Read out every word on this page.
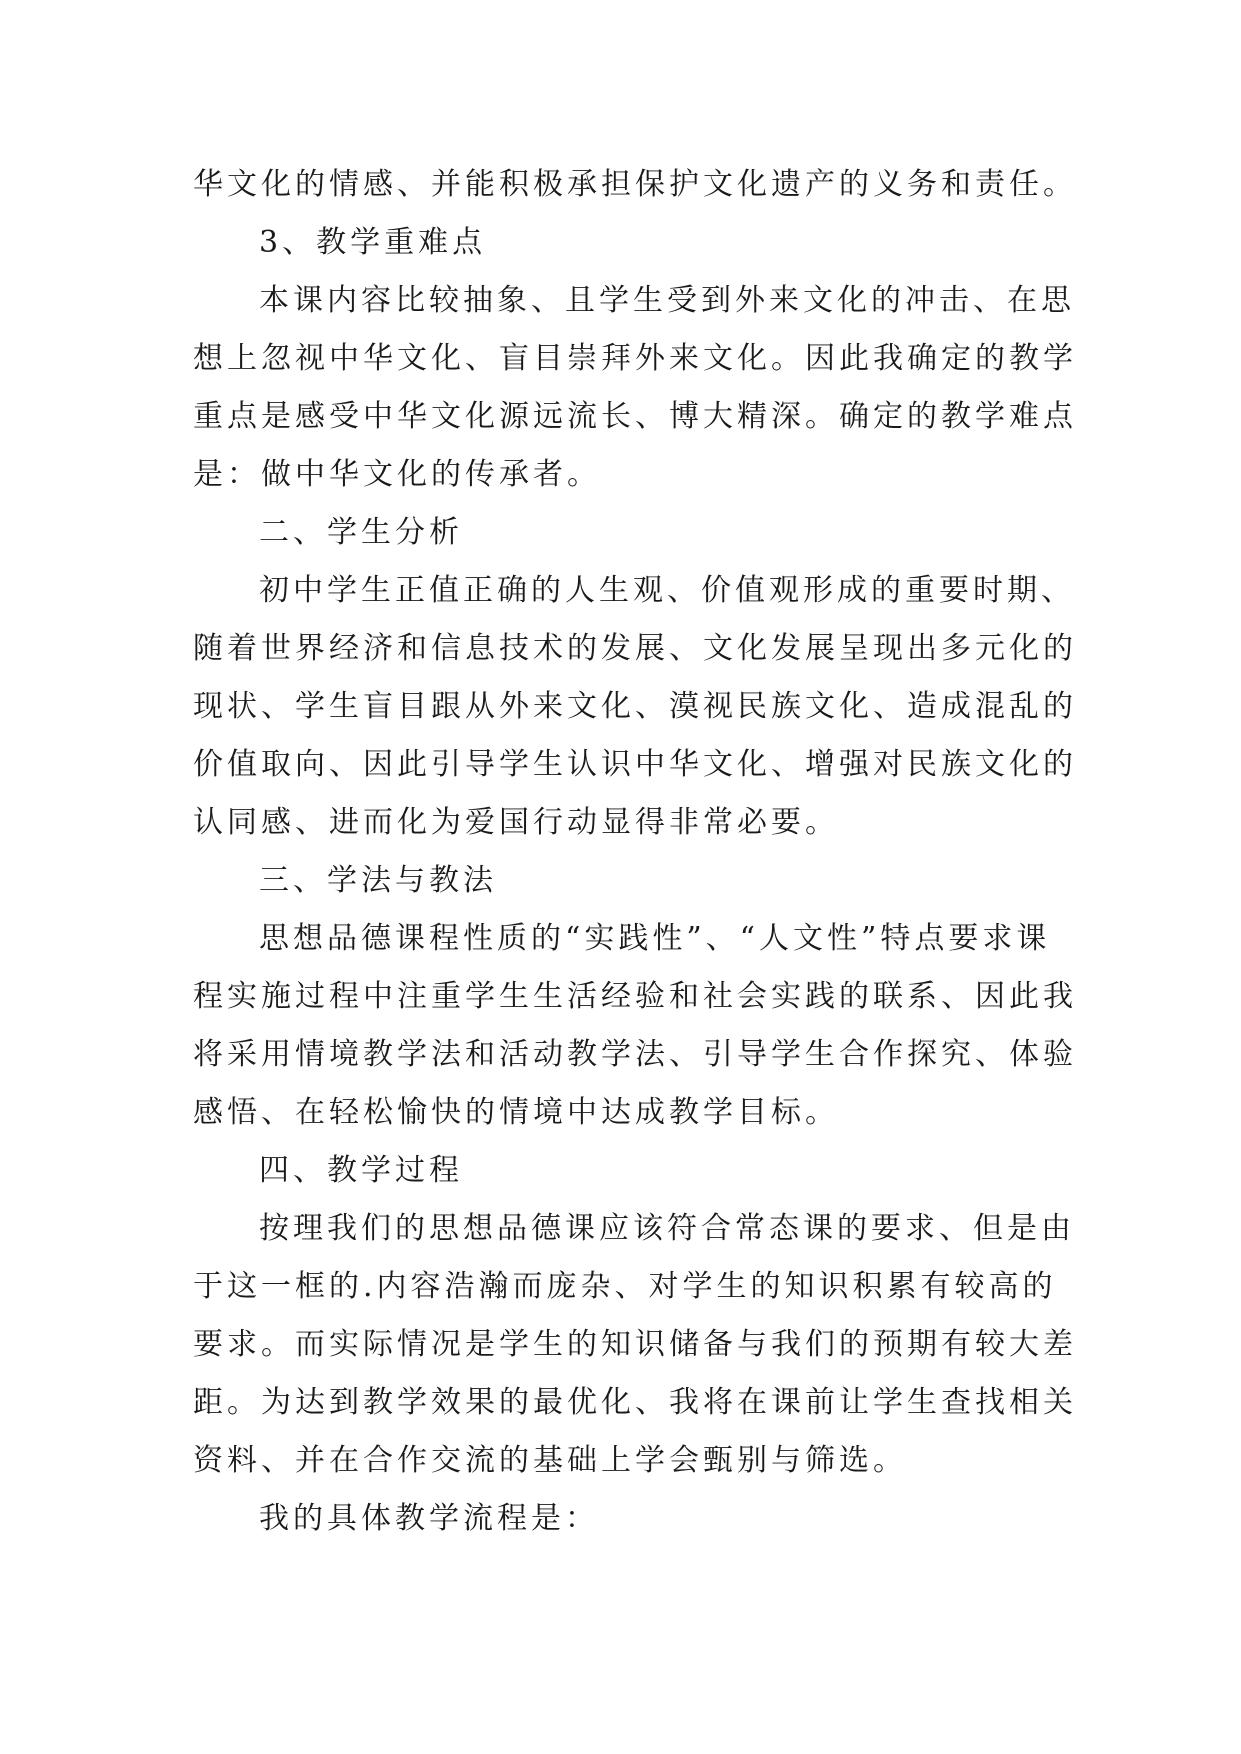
华文化的情感、并能积极承担保护文化遗产的义务和责任。
3、教学重难点
本课内容比较抽象、且学生受到外来文化的冲击、在思
想上忽视中华文化、盲目崇拜外来文化。因此我确定的教学
重点是感受中华文化源远流长、博大精深。确定的教学难点
是：做中华文化的传承者。
二、学生分析
初中学生正值正确的人生观、价值观形成的重要时期、
随着世界经济和信息技术的发展、文化发展呈现出多元化的
现状、学生盲目跟从外来文化、漠视民族文化、造成混乱的
价值取向、因此引导学生认识中华文化、增强对民族文化的
认同感、进而化为爱国行动显得非常必要。
三、学法与教法
思想品德课程性质的“实践性”、“人文性”特点要求课
程实施过程中注重学生生活经验和社会实践的联系、因此我
将采用情境教学法和活动教学法、引导学生合作探究、体验
感悟、在轻松愉快的情境中达成教学目标。
四、教学过程
按理我们的思想品德课应该符合常态课的要求、但是由
于这一框的.内容浩瀚而庞杂、对学生的知识积累有较高的
要求。而实际情况是学生的知识储备与我们的预期有较大差
距。为达到教学效果的最优化、我将在课前让学生查找相关
资料、并在合作交流的基础上学会甄别与筛选。
我的具体教学流程是：
